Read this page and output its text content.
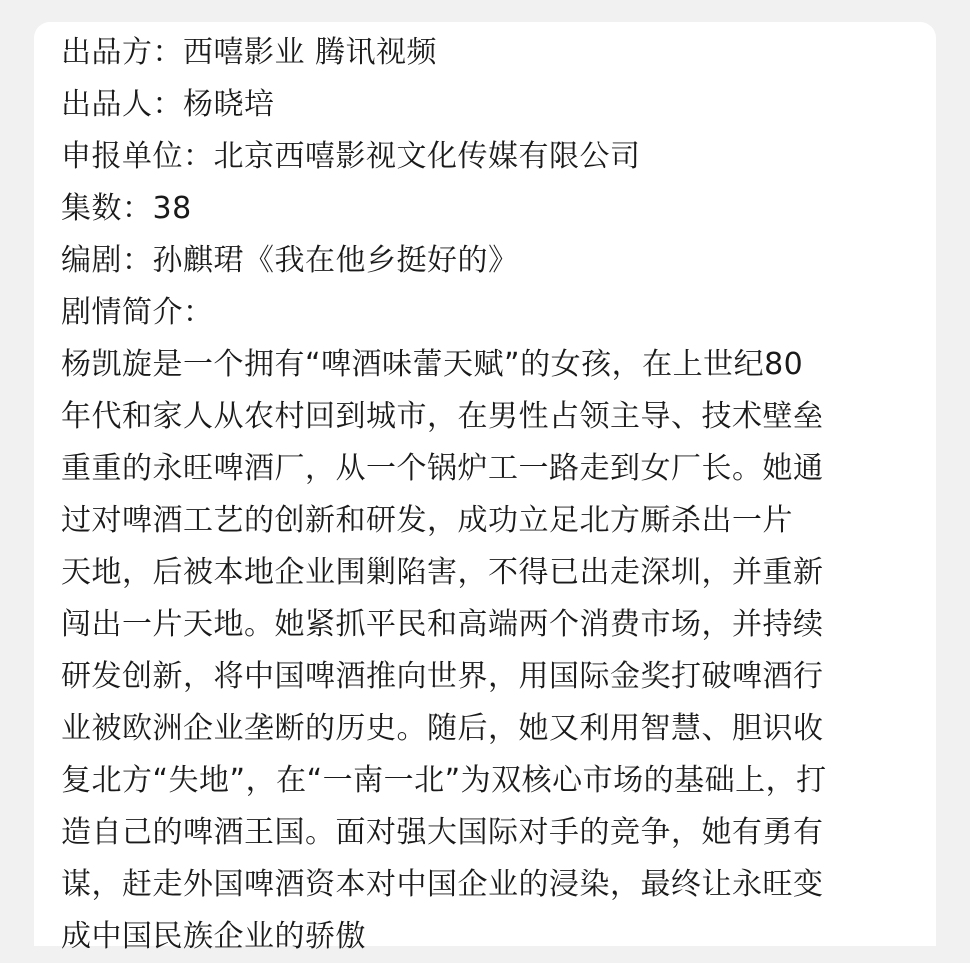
出品方：西嘻影业 腾讯视频
出品人：杨晓培
申报单位：北京西嘻影视文化传媒有限公司
集数：38
编剧：孙麒珺《我在他乡挺好的》
剧情简介：
杨凯旋是一个拥有“啤酒味蕾天赋”的女孩，在上世纪80
年代和家人从农村回到城市，在男性占领主导、技术壁垒
重重的永旺啤酒厂，从一个锅炉工一路走到女厂长。她通
过对啤酒工艺的创新和研发，成功立足北方厮杀出一片
天地，后被本地企业围剿陷害，不得已出走深圳，并重新
闯出一片天地。她紧抓平民和高端两个消费市场，并持续
研发创新，将中国啤酒推向世界，用国际金奖打破啤酒行
业被欧洲企业垄断的历史。随后，她又利用智慧、胆识收
复北方“失地”，在“一南一北”为双核心市场的基础上，打
造自己的啤酒王国。面对强大国际对手的竞争，她有勇有
谋，赶走外国啤酒资本对中国企业的浸染，最终让永旺变
成中国民族企业的骄傲
